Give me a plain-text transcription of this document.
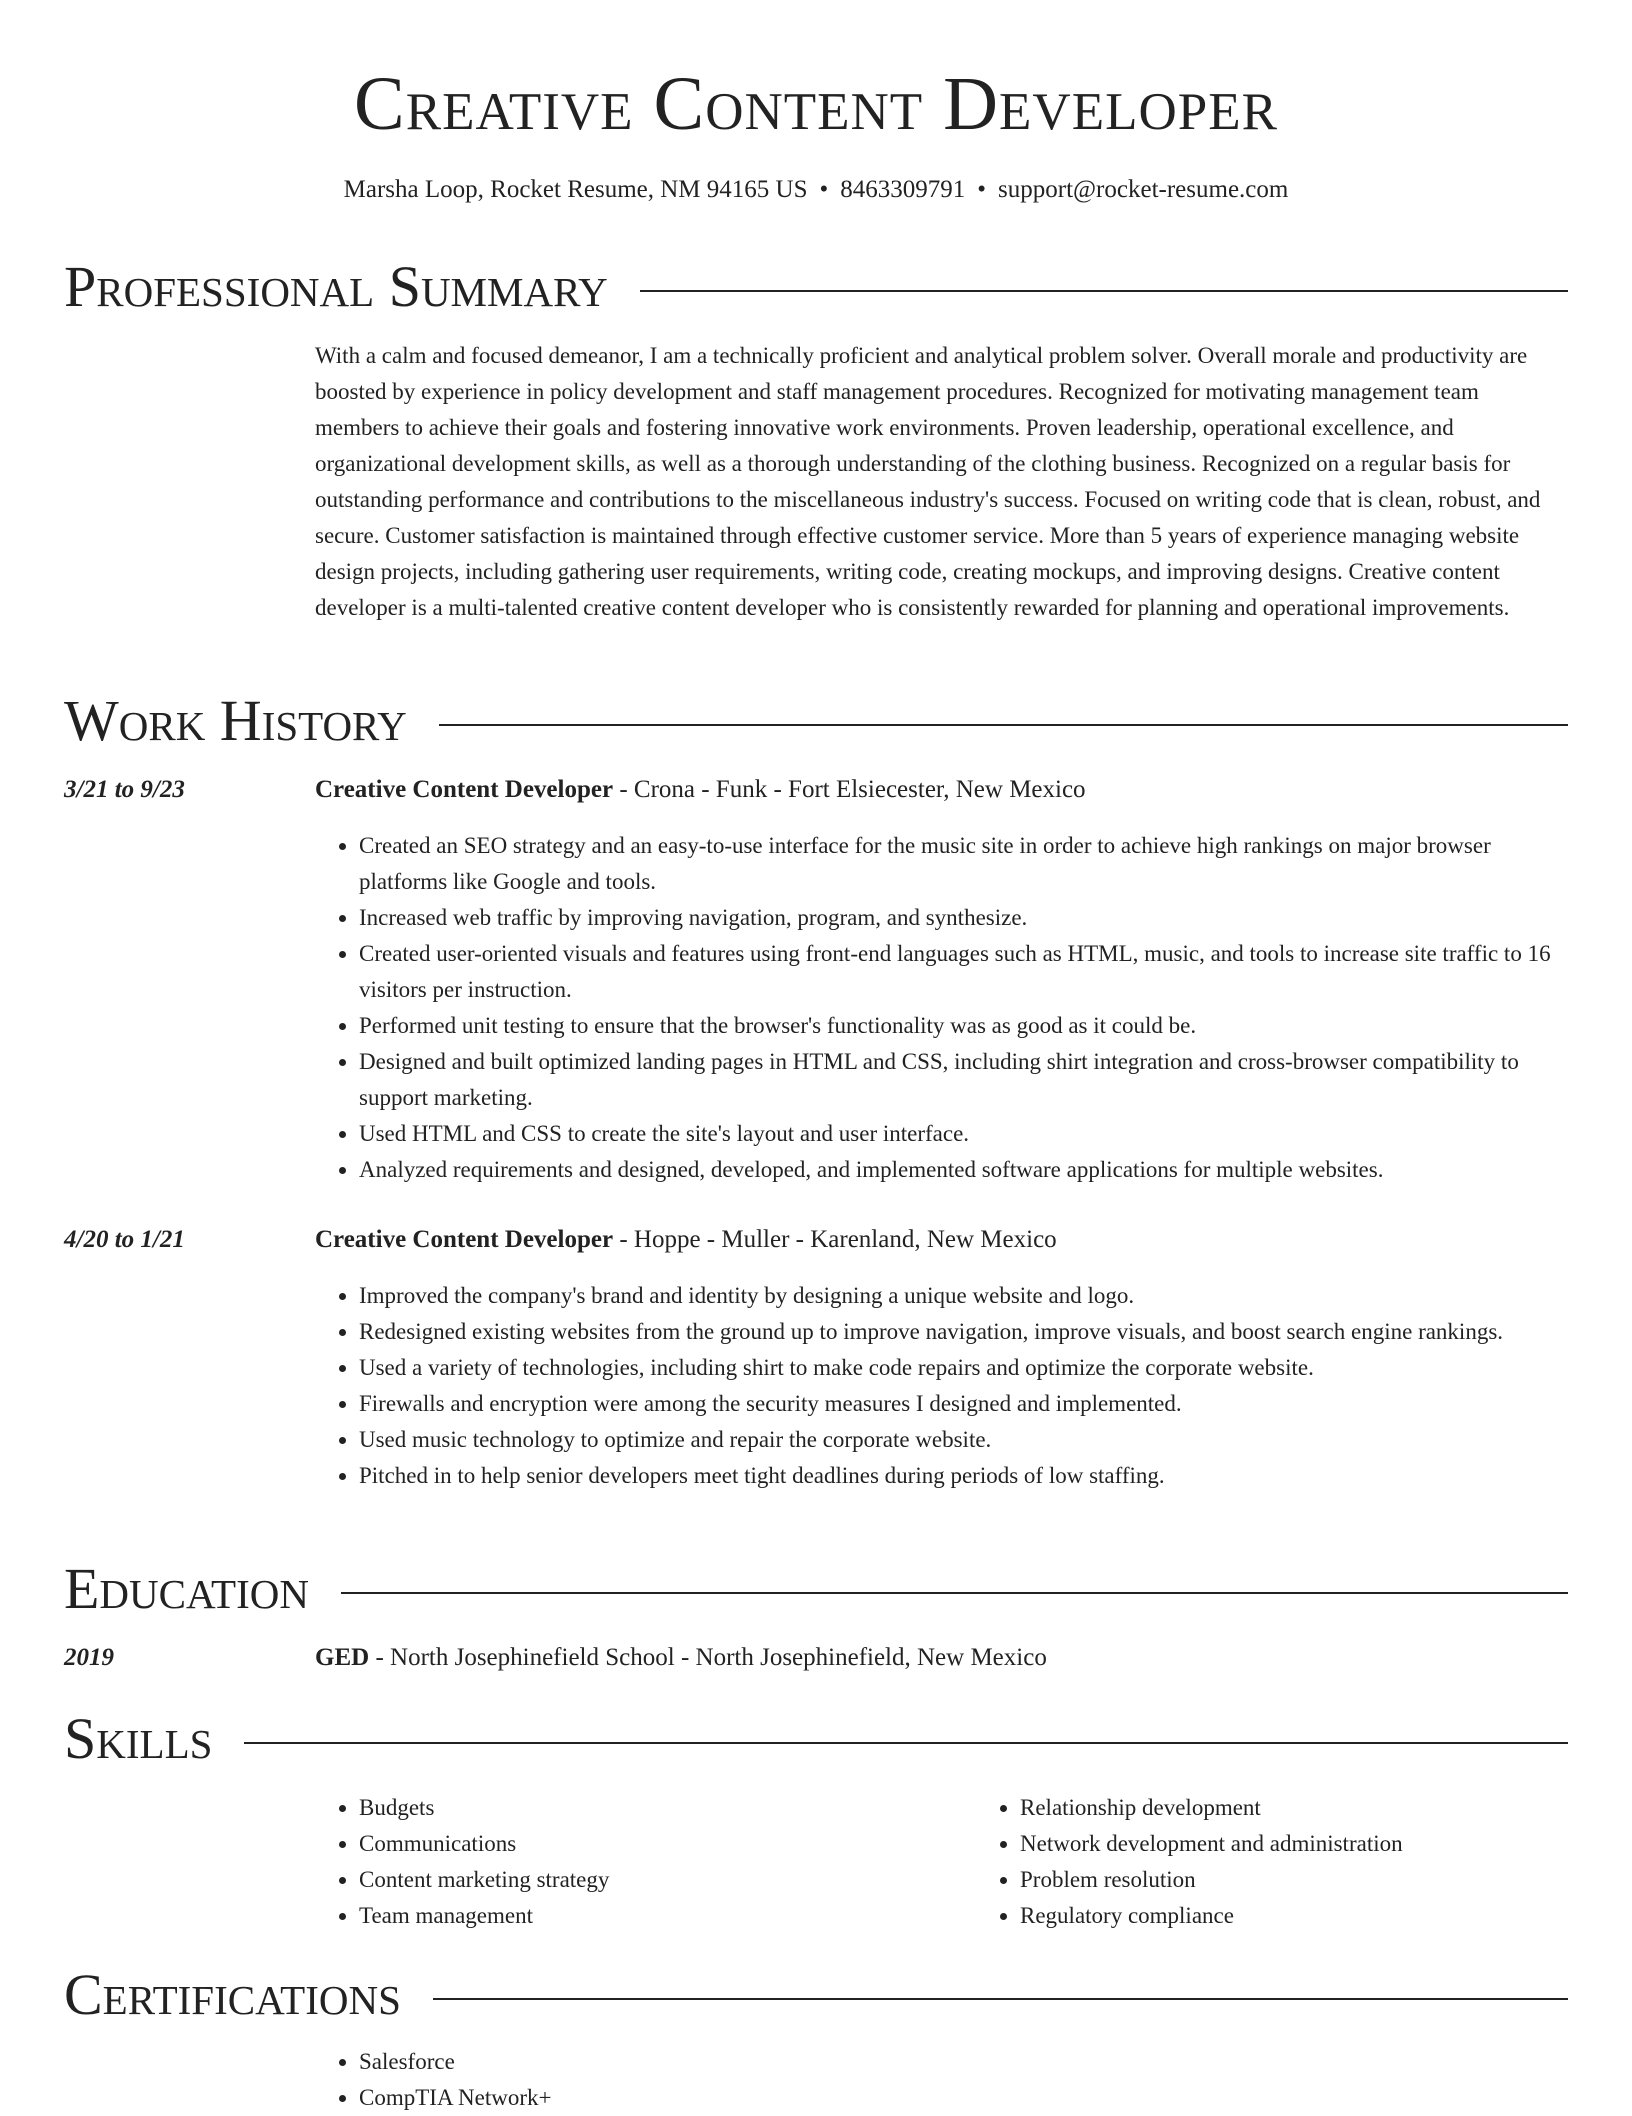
Creative Content Developer
Marsha Loop, Rocket Resume, NM 94165 US • 8463309791 • support@rocket-resume.com
Professional Summary

With a calm and focused demeanor, I am a technically proficient and analytical problem solver. Overall morale and productivity are boosted by experience in policy development and staff management procedures. Recognized for motivating management team members to achieve their goals and fostering innovative work environments. Proven leadership, operational excellence, and organizational development skills, as well as a thorough understanding of the clothing business. Recognized on a regular basis for outstanding performance and contributions to the miscellaneous industry's success. Focused on writing code that is clean, robust, and secure. Customer satisfaction is maintained through effective customer service. More than 5 years of experience managing website design projects, including gathering user requirements, writing code, creating mockups, and improving designs. Creative content developer is a multi-talented creative content developer who is consistently rewarded for planning and operational improvements.

Work History
3/21 to 9/23	Creative Content Developer - Crona - Funk - Fort Elsiecester, New Mexico
• Created an SEO strategy and an easy-to-use interface for the music site in order to achieve high rankings on major browser platforms like Google and tools.
• Increased web traffic by improving navigation, program, and synthesize.
• Created user-oriented visuals and features using front-end languages such as HTML, music, and tools to increase site traffic to 16 visitors per instruction.
• Performed unit testing to ensure that the browser's functionality was as good as it could be.
• Designed and built optimized landing pages in HTML and CSS, including shirt integration and cross-browser compatibility to support marketing.
• Used HTML and CSS to create the site's layout and user interface.
• Analyzed requirements and designed, developed, and implemented software applications for multiple websites.
4/20 to 1/21	Creative Content Developer - Hoppe - Muller - Karenland, New Mexico
• Improved the company's brand and identity by designing a unique website and logo.
• Redesigned existing websites from the ground up to improve navigation, improve visuals, and boost search engine rankings.
• Used a variety of technologies, including shirt to make code repairs and optimize the corporate website.
• Firewalls and encryption were among the security measures I designed and implemented.
• Used music technology to optimize and repair the corporate website.
• Pitched in to help senior developers meet tight deadlines during periods of low staffing.
Education
2019	GED - North Josephinefield School - North Josephinefield, New Mexico
Skills
• Budgets
• Communications
• Content marketing strategy
• Team management
• Relationship development
• Network development and administration
• Problem resolution
• Regulatory compliance
Certifications
• Salesforce
• CompTIA Network+
